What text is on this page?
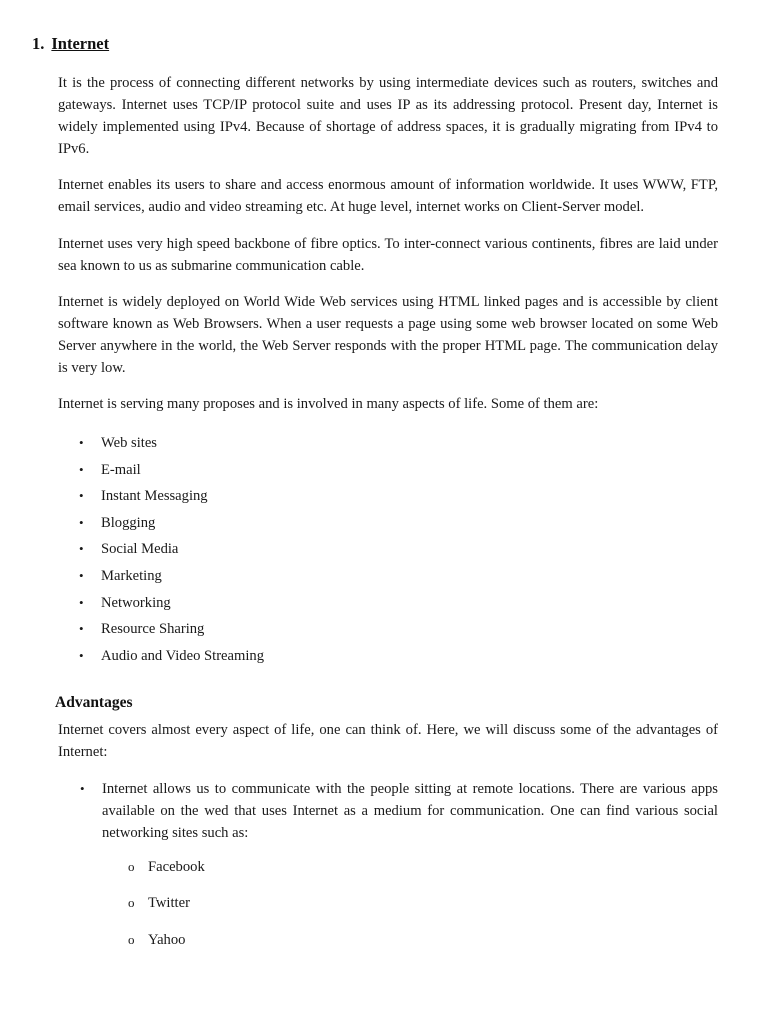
1. Internet

It is the process of connecting different networks by using intermediate devices such as routers, switches and gateways. Internet uses TCP/IP protocol suite and uses IP as its addressing protocol. Present day, Internet is widely implemented using IPv4. Because of shortage of address spaces, it is gradually migrating from IPv4 to IPv6.

Internet enables its users to share and access enormous amount of information worldwide. It uses WWW, FTP, email services, audio and video streaming etc. At huge level, internet works on Client-Server model.

Internet uses very high speed backbone of fibre optics. To inter-connect various continents, fibres are laid under sea known to us as submarine communication cable.

Internet is widely deployed on World Wide Web services using HTML linked pages and is accessible by client software known as Web Browsers. When a user requests a page using some web browser located on some Web Server anywhere in the world, the Web Server responds with the proper HTML page. The communication delay is very low.

Internet is serving many proposes and is involved in many aspects of life. Some of them are:

• Web sites
• E-mail
• Instant Messaging
• Blogging
• Social Media
• Marketing
• Networking
• Resource Sharing
• Audio and Video Streaming
Advantages

Internet covers almost every aspect of life, one can think of. Here, we will discuss some of the advantages of Internet:

• Internet allows us to communicate with the people sitting at remote locations. There are various apps available on the wed that uses Internet as a medium for communication. One can find various social networking sites such as:
o Facebook
o Twitter
o Yahoo
